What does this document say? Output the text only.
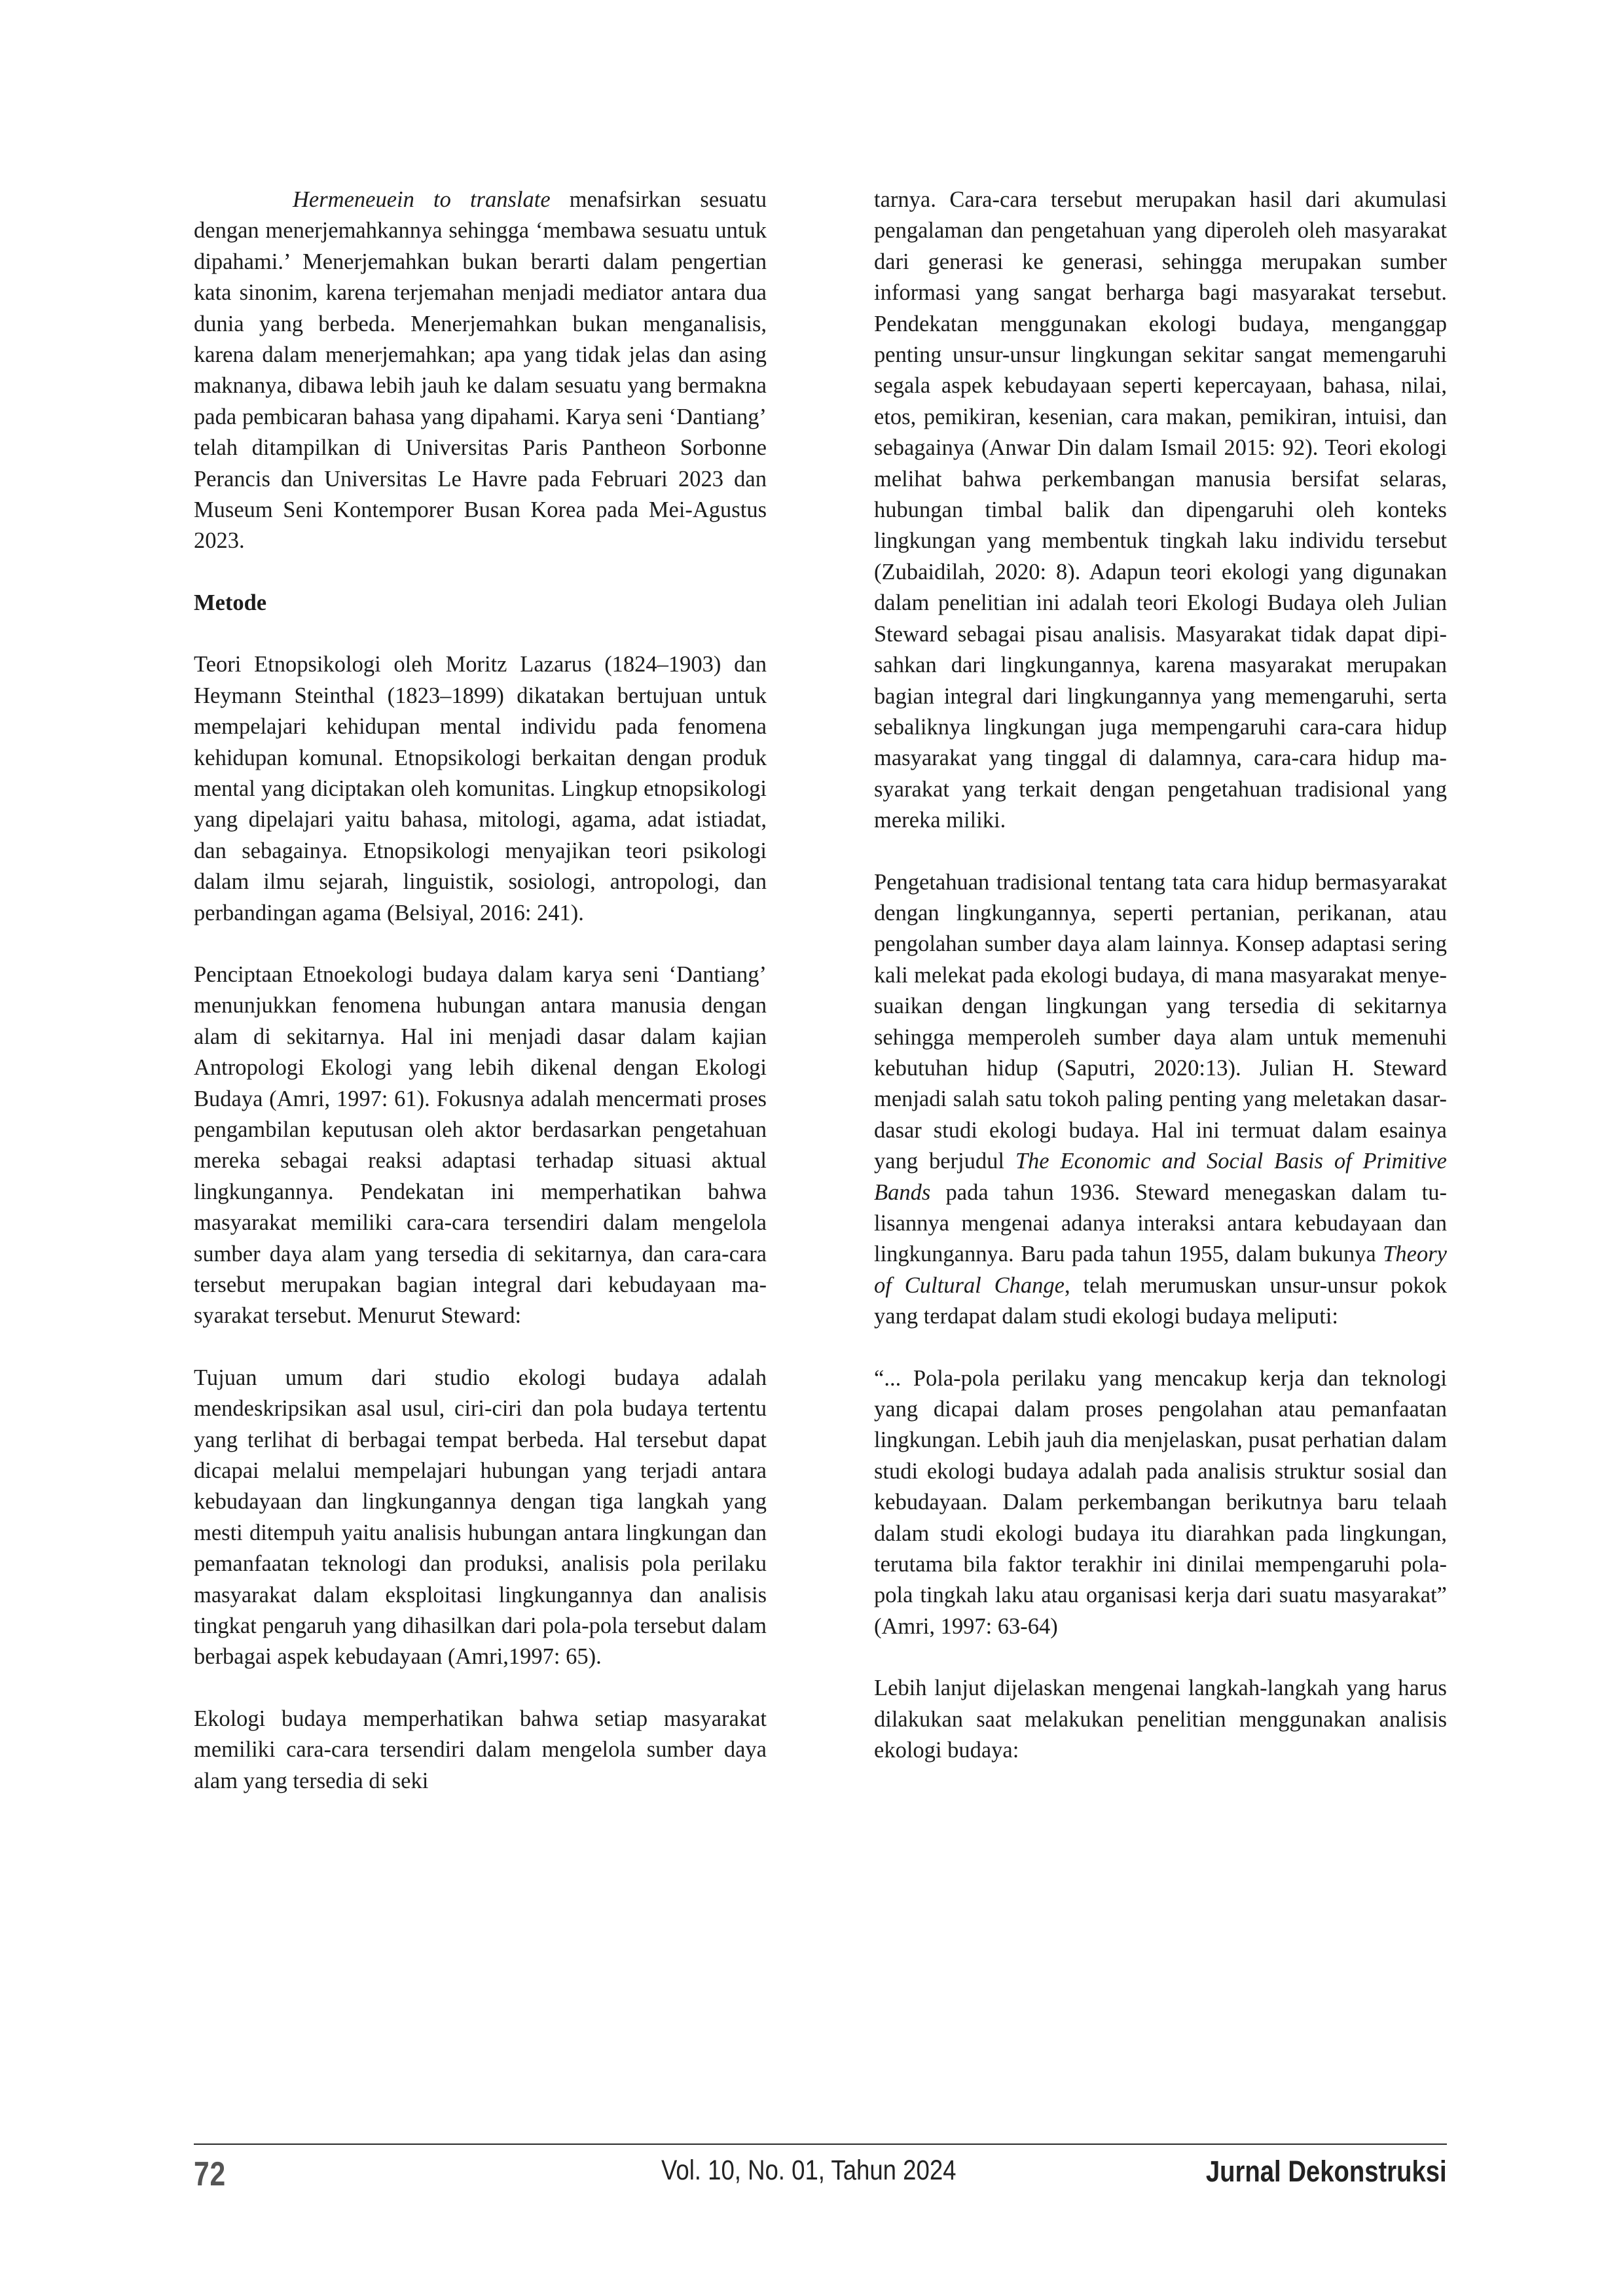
Hermeneuein to translate menafsirkan sesuatu dengan menerjemahkannya sehingga ‘membawa sesuatu untuk dipahami.’ Menerjemahkan bukan berarti dalam pengertian kata sinonim, karena terjemahan menjadi mediator antara dua dunia yang berbeda. Menerjemahkan bukan menganalisis, karena dalam menerjemahkan; apa yang tidak jelas dan asing maknanya, dibawa lebih jauh ke dalam sesuatu yang bermakna pada pembicaran bahasa yang dipahami. Karya seni ‘Dantiang’ telah ditampilkan di Universitas Paris Pantheon Sorbonne Perancis dan Universitas Le Havre pada Februari 2023 dan Museum Seni Kontemporer Busan Korea pada Mei-Agustus 2023.

Metode

Teori Etnopsikologi oleh Moritz Lazarus (1824–1903) dan Heymann Steinthal (1823–1899) dikatakan bertujuan untuk mempelajari kehidupan mental individu pada fenomena kehidupan komunal. Etnopsikologi berkaitan dengan produk mental yang diciptakan oleh komunitas. Lingkup etnopsikologi yang dipelajari yaitu bahasa, mitologi, agama, adat istiadat, dan sebagainya. Etnopsikologi menyajikan teori psikologi dalam ilmu sejarah, linguistik, sosiologi, antropologi, dan perbandingan agama (Belsiyal, 2016: 241).

Penciptaan Etnoekologi budaya dalam karya seni ‘Dantiang’ menunjukkan fenomena hubungan antara manusia dengan alam di sekitarnya. Hal ini menjadi dasar dalam kajian Antropologi Ekologi yang lebih dikenal dengan Ekologi Budaya (Amri, 1997: 61). Fokusnya adalah mencermati proses pengambilan keputusan oleh aktor berdasarkan pengetahuan mereka sebagai reaksi adaptasi terhadap situasi aktual lingkungannya. Pendekatan ini memperhatikan bahwa masyarakat memiliki cara-cara tersendiri dalam mengelola sumber daya alam yang tersedia di sekitarnya, dan cara-cara tersebut merupakan bagian integral dari kebudayaan masyarakat tersebut. Menurut Steward:

Tujuan umum dari studio ekologi budaya adalah mendeskripsikan asal usul, ciri-ciri dan pola budaya tertentu yang terlihat di berbagai tempat berbeda. Hal tersebut dapat dicapai melalui mempelajari hubungan yang terjadi antara kebudayaan dan lingkungannya dengan tiga langkah yang mesti ditempuh yaitu analisis hubungan antara lingkungan dan pemanfaatan teknologi dan produksi, analisis pola perilaku masyarakat dalam eksploitasi lingkungannya dan analisis tingkat pengaruh yang dihasilkan dari pola-pola tersebut dalam berbagai aspek kebudayaan (Amri,1997: 65).

Ekologi budaya memperhatikan bahwa setiap masyarakat memiliki cara-cara tersendiri dalam mengelola sumber daya alam yang tersedia di seki

tarnya. Cara-cara tersebut merupakan hasil dari akumulasi pengalaman dan pengetahuan yang diperoleh oleh masyarakat dari generasi ke generasi, sehingga merupakan sumber informasi yang sangat berharga bagi masyarakat tersebut. Pendekatan menggunakan ekologi budaya, menganggap penting unsur-unsur lingkungan sekitar sangat memengaruhi segala aspek kebudayaan seperti kepercayaan, bahasa, nilai, etos, pemikiran, kesenian, cara makan, pemikiran, intuisi, dan sebagainya (Anwar Din dalam Ismail 2015: 92). Teori ekologi melihat bahwa perkembangan manusia bersifat selaras, hubungan timbal balik dan dipengaruhi oleh konteks lingkungan yang membentuk tingkah laku individu tersebut (Zubaidilah, 2020: 8). Adapun teori ekologi yang digunakan dalam penelitian ini adalah teori Ekologi Budaya oleh Julian Steward sebagai pisau analisis. Masyarakat tidak dapat dipisahkan dari lingkungannya, karena masyarakat merupakan bagian integral dari lingkungannya yang memengaruhi, serta sebaliknya lingkungan juga mempengaruhi cara-cara hidup masyarakat yang tinggal di dalamnya, cara-cara hidup masyarakat yang terkait dengan pengetahuan tradisional yang mereka miliki.

Pengetahuan tradisional tentang tata cara hidup bermasyarakat dengan lingkungannya, seperti pertanian, perikanan, atau pengolahan sumber daya alam lainnya. Konsep adaptasi sering kali melekat pada ekologi budaya, di mana masyarakat menyesuaikan dengan lingkungan yang tersedia di sekitarnya sehingga memperoleh sumber daya alam untuk memenuhi kebutuhan hidup (Saputri, 2020:13). Julian H. Steward menjadi salah satu tokoh paling penting yang meletakan dasar-dasar studi ekologi budaya. Hal ini termuat dalam esainya yang berjudul The Economic and Social Basis of Primitive Bands pada tahun 1936. Steward menegaskan dalam tulisannya mengenai adanya interaksi antara kebudayaan dan lingkungannya. Baru pada tahun 1955, dalam bukunya Theory of Cultural Change, telah merumuskan unsur-unsur pokok yang terdapat dalam studi ekologi budaya meliputi:

“... Pola-pola perilaku yang mencakup kerja dan teknologi yang dicapai dalam proses pengolahan atau pemanfaatan lingkungan. Lebih jauh dia menjelaskan, pusat perhatian dalam studi ekologi budaya adalah pada analisis struktur sosial dan kebudayaan. Dalam perkembangan berikutnya baru telaah dalam studi ekologi budaya itu diarahkan pada lingkungan, terutama bila faktor terakhir ini dinilai mempengaruhi pola-pola tingkah laku atau organisasi kerja dari suatu masyarakat” (Amri, 1997: 63-64)

Lebih lanjut dijelaskan mengenai langkah-langkah yang harus dilakukan saat melakukan penelitian menggunakan analisis ekologi budaya:

72	Vol. 10, No. 01, Tahun 2024	Jurnal Dekonstruksi
